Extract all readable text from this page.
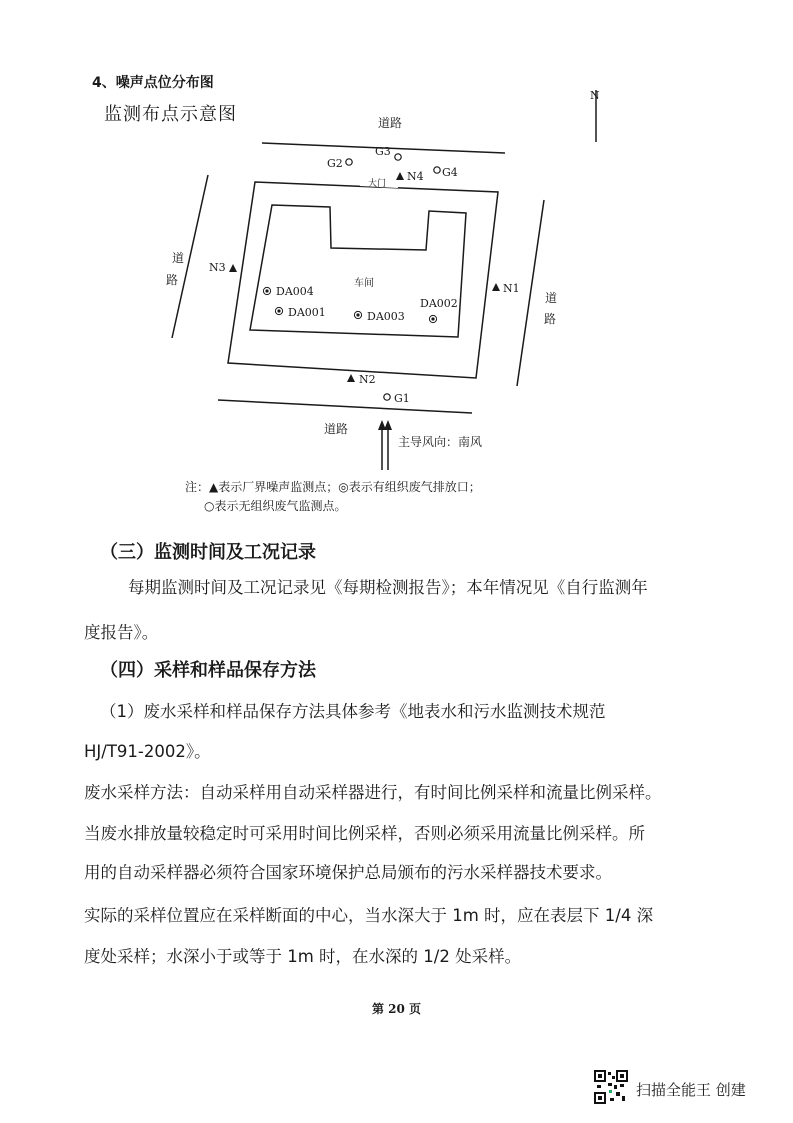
4、噪声点位分布图
监测布点示意图
N
道路
道
路
道
路
道路
大门
车间
N4
N3
N1
N2
G2
G3
G4
G1
DA004
DA001	DA003
DA002
主导风向：南风
注：▲表示厂界噪声监测点；◎表示有组织废气排放口；
○表示无组织废气监测点。
（三）监测时间及工况记录
每期监测时间及工况记录见《每期检测报告》；本年情况见《自行监测年
度报告》。
（四）采样和样品保存方法
（1）废水采样和样品保存方法具体参考《地表水和污水监测技术规范
HJ/T91-2002》。
废水采样方法：自动采样用自动采样器进行，有时间比例采样和流量比例采样。
当废水排放量较稳定时可采用时间比例采样，否则必须采用流量比例采样。所
用的自动采样器必须符合国家环境保护总局颁布的污水采样器技术要求。
实际的采样位置应在采样断面的中心，当水深大于 1m 时，应在表层下 1/4 深
度处采样；水深小于或等于 1m 时，在水深的 1/2 处采样。
第 20 页
扫描全能王 创建
